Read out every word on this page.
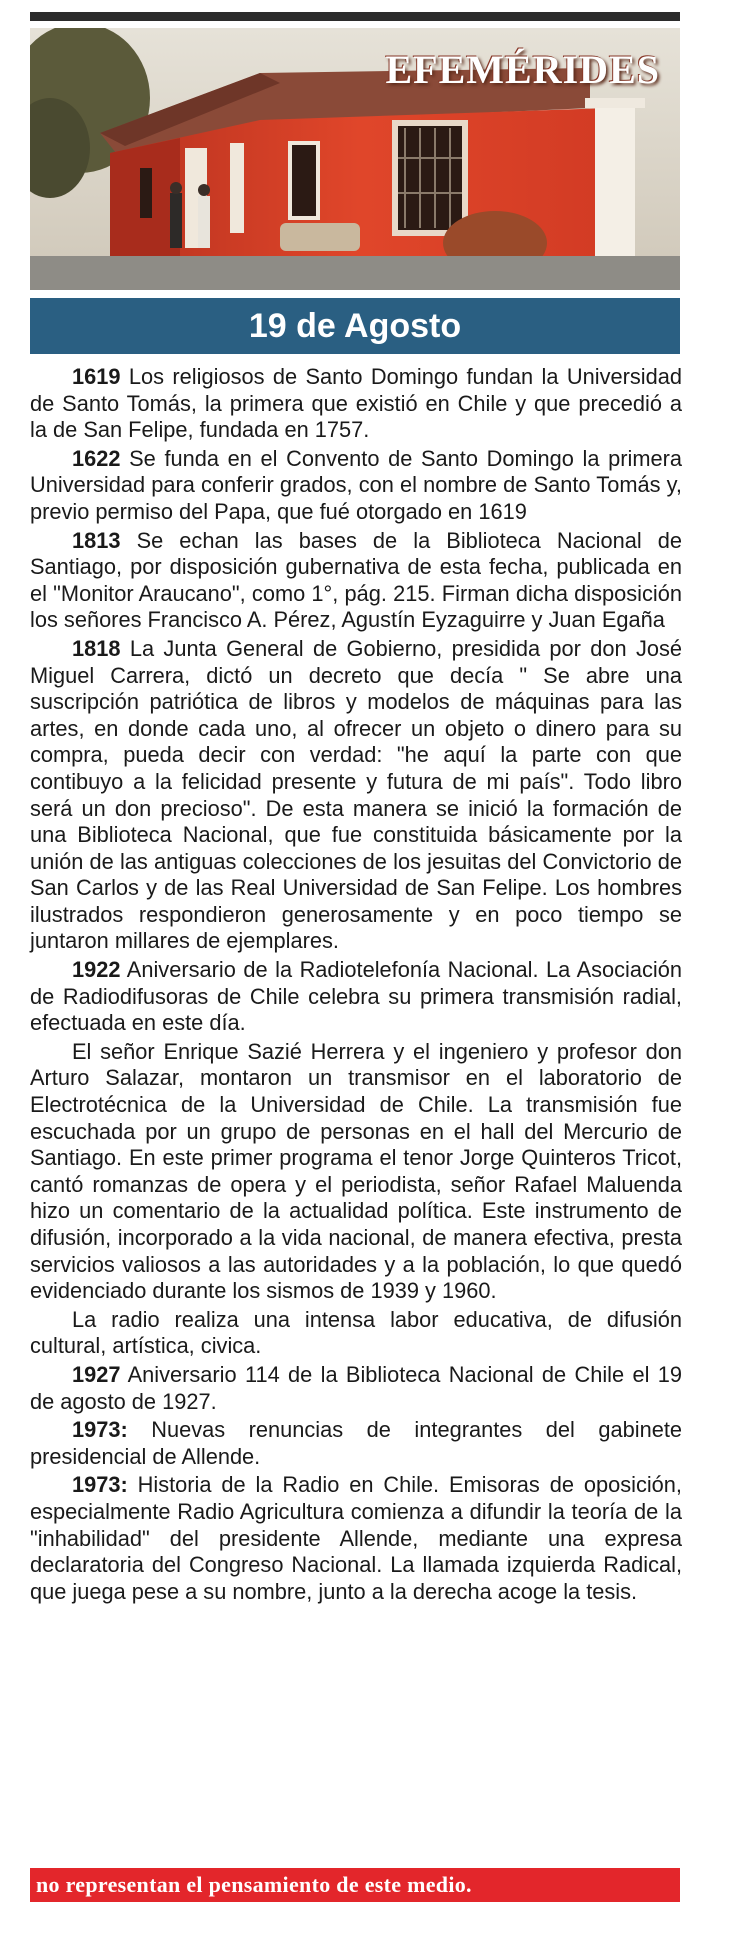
EFEMÉRIDES
19 de Agosto

1619 Los religiosos de Santo Domingo fundan la Universidad de Santo Tomás, la primera que existió en Chile y que precedió a la de San Felipe, fundada en 1757.

1622 Se funda en el Convento de Santo Domingo la primera Universidad para conferir grados, con el nombre de Santo Tomás y, previo permiso del Papa, que fué otorgado en 1619

1813 Se echan las bases de la Biblioteca Nacional de Santiago, por disposición gubernativa de esta fecha, publicada en el "Monitor Araucano", como 1°, pág. 215. Firman dicha disposición los señores Francisco A. Pérez, Agustín Eyzaguirre y Juan Egaña

1818 La Junta General de Gobierno, presidida por don José Miguel Carrera, dictó un decreto que decía " Se abre una suscripción patriótica de libros y modelos de máquinas para las artes, en donde cada uno, al ofrecer un objeto o dinero para su compra, pueda decir con verdad: "he aquí la parte con que contibuyo a la felicidad presente y futura de mi país". Todo libro será un don precioso". De esta manera se inició la formación de una Biblioteca Nacional, que fue constituida básicamente por la unión de las antiguas colecciones de los jesuitas del Convictorio de San Carlos y de las Real Universidad de San Felipe. Los hombres ilustrados respondieron generosamente y en poco tiempo se juntaron millares de ejemplares.

1922 Aniversario de la Radiotelefonía Nacional. La Asociación de Radiodifusoras de Chile celebra su primera transmisión radial, efectuada en este día.

El señor Enrique Sazié Herrera y el ingeniero y profesor don Arturo Salazar, montaron un transmisor en el laboratorio de Electrotécnica de la Universidad de Chile. La transmisión fue escuchada por un grupo de personas en el hall del Mercurio de Santiago. En este primer programa el tenor Jorge Quinteros Tricot, cantó romanzas de opera y el periodista, señor Rafael Maluenda hizo un comentario de la actualidad política. Este instrumento de difusión, incorporado a la vida nacional, de manera efectiva, presta servicios valiosos a las autoridades y a la población, lo que quedó evidenciado durante los sismos de 1939 y 1960.

La radio realiza una intensa labor educativa, de difusión cultural, artística, civica.

1927 Aniversario 114 de la Biblioteca Nacional de Chile el 19 de agosto de 1927.

1973: Nuevas renuncias de integrantes del gabinete presidencial de Allende.

1973: Historia de la Radio en Chile. Emisoras de oposición, especialmente Radio Agricultura comienza a difundir la teoría de la "inhabilidad" del presidente Allende, mediante una expresa declaratoria del Congreso Nacional. La llamada izquierda Radical, que juega pese a su nombre, junto a la derecha acoge la tesis.

no representan el pensamiento de este medio.
